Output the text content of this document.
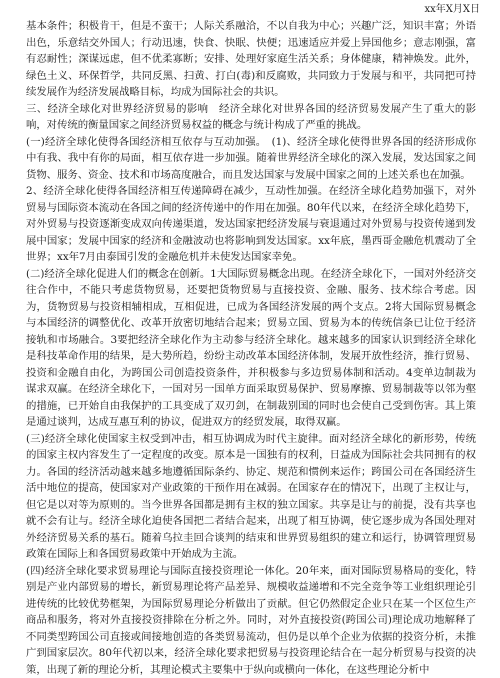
xx年X月X日

基本条件；积极肯干，但是不蛮干；人际关系融洽，不以自我为中心；兴趣广泛，知识丰富；外语出色，乐意结交外国人；行动迅速，快食、快眠、快便；迅速适应并爱上异国他乡；意志刚强，富有忍耐性；深谋远虑，但不优柔寡断；安排、处理好家庭生活关系；身体健康，精神焕发。此外，绿色土义、环保哲学，共同反黑、扫黄、打白(毒)和反腐败，共同致力于发展与和平，共同把可持续发展作为经济发展战略目标，均成为国际社会的共识。

三、经济全球化对世界经济贸易的影响　经济全球化对世界各国的经济贸易发展产生了重大的影响，对传统的衡量国家之间经济贸易权益的概念与统计构成了严重的挑战。

(一)经济全球化使得各国经济相互依存与互动加强。　(1)、经济全球化使得世界各国的经济形成你中有我、我中有你的局面，相互依存进一步加强。随着世界经济全球化的深入发展，发达国家之间货物、服务、资金、技术和市场高度融合，而且发达国家与发展中国家之间的上述关系也在加强。

2、经济全球化使得各国经济相互传递障碍在减少，互动性加强。在经济全球化趋势加强下，对外贸易与国际资本流动在各国之间的经济传递中的作用在加强。80年代以来，在经济全球化趋势下，对外贸易与投资逐渐变成双向传递渠道，发达国家把经济发展与衰退通过对外贸易与投资传递到发展中国家；发展中国家的经济和金融波动也将影响到发达国家。xx年底，墨西哥金融危机震动了全世界；xx年7月由泰国引发的金融危机并未使发达国家幸免。

(二)经济全球化促进人们的概念在创新。1大国际贸易概念出现。在经济全球化下，一国对外经济交往合作中，不能只考虑货物贸易，还要把货物贸易与直接投资、金融、服务、技术综合考虑。因为，货物贸易与投资相辅相成，互相促进，已成为各国经济发展的两个支点。2将大国际贸易概念与本国经济的调整优化、改革开放密切地结合起来；贸易立国、贸易为本的传统信条已让位于经济接轨和市场融合。3要把经济全球化作为主动参与经济全球化。越来越多的国家认识到经济全球化是科技革命作用的结果，是大势所趋，纷纷主动改革本国经济体制，发展开放性经济，推行贸易、投资和金融自由化，为跨国公司创造投资条件，并积极参与多边贸易体制和活动。4变单边制裁为谋求双赢。在经济全球化下，一国对另一国单方面采取贸易保护、贸易摩擦、贸易制裁等以邻为壑的措施，已开始自由我保护的工具变成了双刃剑，在制裁别国的同时也会使自己受到伤害。其上策是通过谈判，达成互惠互利的协议，促进双方的经贸发展，取得双赢。

(三)经济全球化使国家主权受到冲击，相互协调成为时代主旋律。面对经济全球化的新形势，传统的国家主权内容发生了一定程度的改变。原本是一国独有的权利，日益成为国际社会共同拥有的权力。各国的经济活动越来越多地遵循国际条约、协定、规范和惯例来运作；跨国公司在各国经济生活中地位的提高，使国家对产业政策的干预作用在减弱。在国家存在的情况下，出现了主权让与，但它是以对等为原则的。当今世界各国都是拥有主权的独立国家。共享是让与的前提，没有共享也就不会有让与。经济全球化迫使各国把二者结合起来，出现了相互协调，使它逐步成为各国处理对外经济贸易关系的基石。随着乌拉圭回合谈判的结束和世界贸易组织的建立和运行，协调管理贸易政策在国际上和各国贸易政策中开始成为主流。

(四)经济全球化要求贸易理论与国际直接投资理论一体化。20年来，面对国际贸易格局的变化，特别是产业内部贸易的增长，新贸易理论将产品差异、规模收益递增和不完全竞争等工业组织理论引进传统的比较优势框架，为国际贸易理论分析做出了贡献。但它仍然假定企业只在某一个区位生产商品和服务，将对外直接投资排除在分析之外。同时，对外直接投资(跨国公司)理论成功地解释了不同类型跨国公司直接或间接地创造的各类贸易流动，但仍是以单个企业为依据的投资分析，未推广到国家层次。80年代初以来，经济全球化要求把贸易与投资理论结合在一起分析贸易与投资的决策，出现了新的理论分析，其理论模式主要集中于纵向或横向一体化，在这些理论分析中
